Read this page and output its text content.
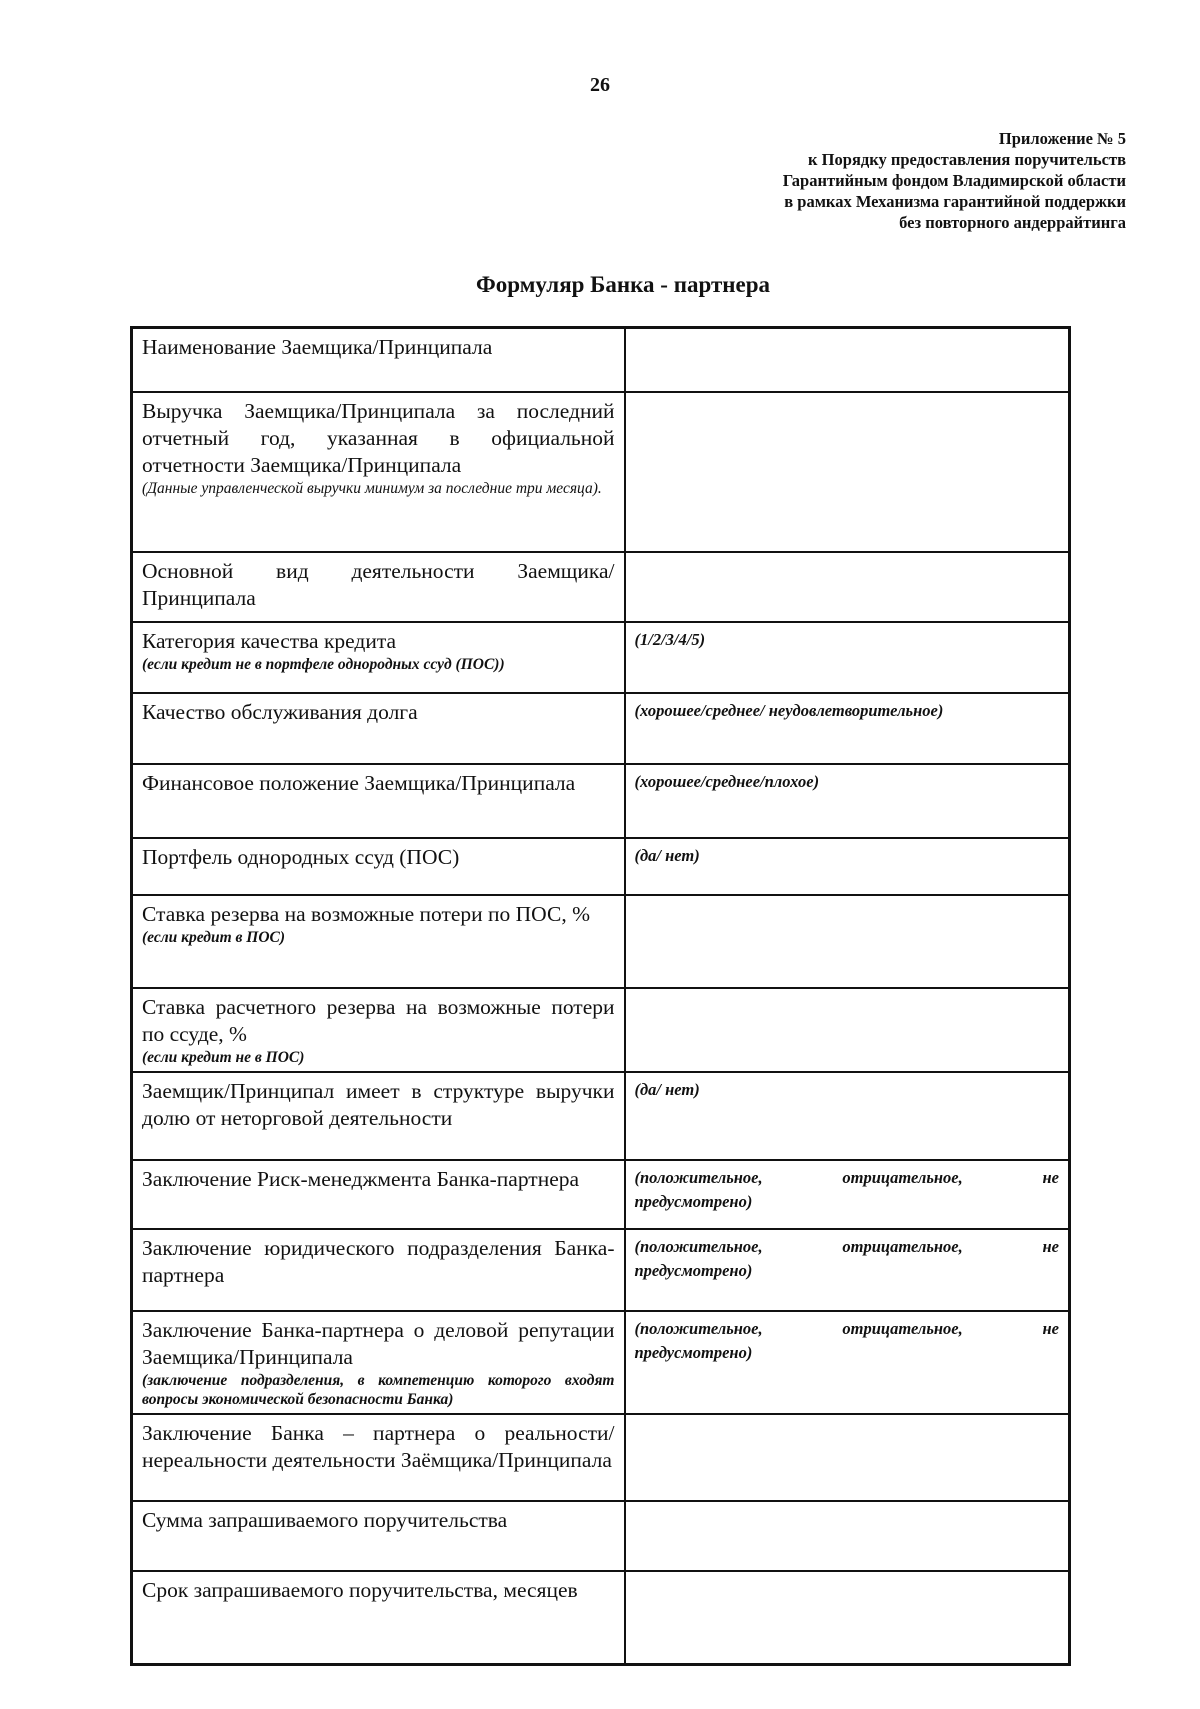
26
Приложение № 5
к Порядку предоставления поручительств
Гарантийным фондом Владимирской области
в рамках Механизма гарантийной поддержки
без повторного андеррайтинга
Формуляр Банка - партнера
Наименование Заемщика/Принципала	
Выручка Заемщика/Принципала за последний отчетный год, указанная в официальной отчетности Заемщика/Принципала
(Данные управленческой выручки минимум за последние три месяца).	

Основной вид деятельности Заемщика/Принципала	
Категория качества кредита
(если кредит не в портфеле однородных ссуд (ПОС))	(1/2/3/4/5)
Качество обслуживания долга	(хорошее/среднее/ неудовлетворительное)
Финансовое положение Заемщика/Принципала	(хорошее/среднее/плохое)
Портфель однородных ссуд (ПОС)	(да/ нет)
Ставка резерва на возможные потери по ПОС, %
(если кредит в ПОС)	

Ставка расчетного резерва на возможные потери по ссуде, %
(если кредит не в ПОС)	

Заемщик/Принципал имеет в структуре выручки долю от неторговой деятельности	(да/ нет)
Заключение Риск-менеджмента Банка-партнера	(положительное, отрицательное, не
предусмотрено)
Заключение юридического подразделения Банка-партнера	(положительное, отрицательное, не
предусмотрено)
Заключение Банка-партнера о деловой репутации Заемщика/Принципала
(заключение подразделения, в компетенцию которого входят вопросы экономической безопасности Банка)	(положительное, отрицательное, не
предусмотрено)
Заключение Банка – партнера о реальности/нереальности деятельности Заёмщика/Принципала	
Сумма запрашиваемого поручительства	
Срок запрашиваемого поручительства, месяцев	
